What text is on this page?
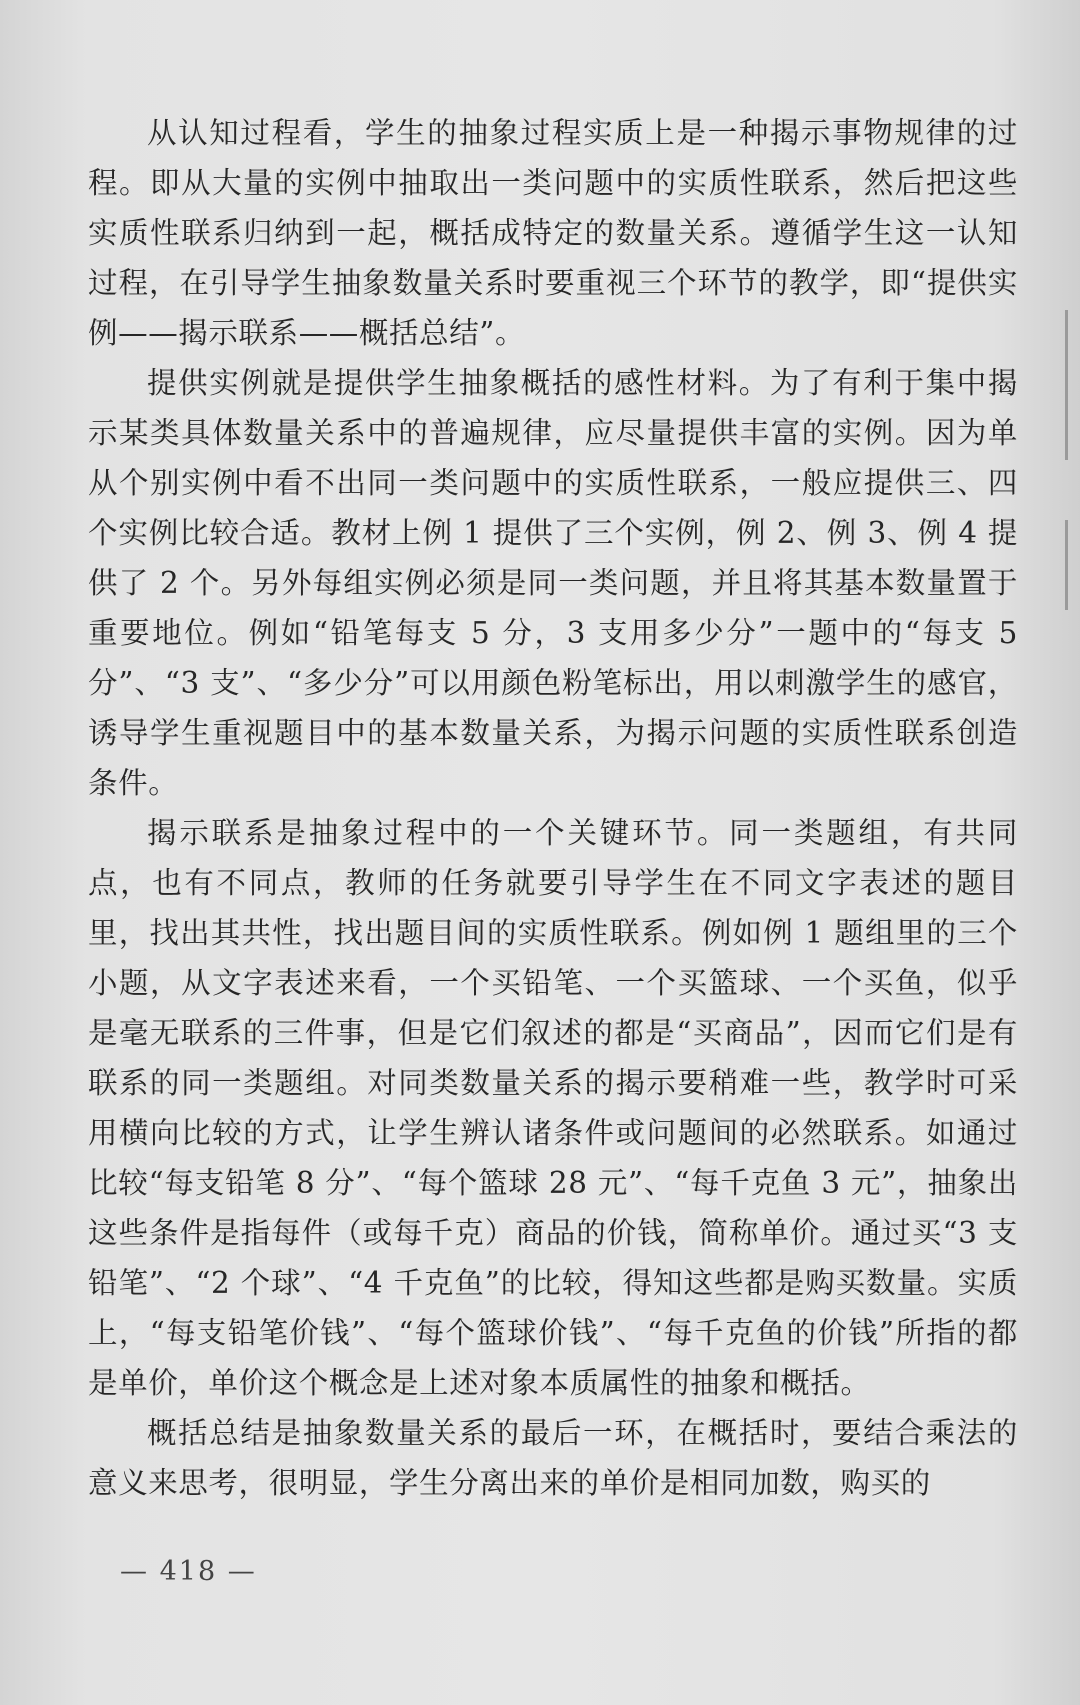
从认知过程看，学生的抽象过程实质上是一种揭示事物规律的过程。即从大量的实例中抽取出一类问题中的实质性联系，然后把这些实质性联系归纳到一起，概括成特定的数量关系。遵循学生这一认知过程，在引导学生抽象数量关系时要重视三个环节的教学，即“提供实例——揭示联系——概括总结”。

提供实例就是提供学生抽象概括的感性材料。为了有利于集中揭示某类具体数量关系中的普遍规律，应尽量提供丰富的实例。因为单从个别实例中看不出同一类问题中的实质性联系，一般应提供三、四个实例比较合适。教材上例 1 提供了三个实例，例 2、例 3、例 4 提供了 2 个。另外每组实例必须是同一类问题，并且将其基本数量置于重要地位。例如“铅笔每支 5 分，3 支用多少分”一题中的“每支 5 分”、“3 支”、“多少分”可以用颜色粉笔标出，用以刺激学生的感官，诱导学生重视题目中的基本数量关系，为揭示问题的实质性联系创造条件。

揭示联系是抽象过程中的一个关键环节。同一类题组，有共同点，也有不同点，教师的任务就要引导学生在不同文字表述的题目里，找出其共性，找出题目间的实质性联系。例如例 1 题组里的三个小题，从文字表述来看，一个买铅笔、一个买篮球、一个买鱼，似乎是毫无联系的三件事，但是它们叙述的都是“买商品”，因而它们是有联系的同一类题组。对同类数量关系的揭示要稍难一些，教学时可采用横向比较的方式，让学生辨认诸条件或问题间的必然联系。如通过比较“每支铅笔 8 分”、“每个篮球 28 元”、“每千克鱼 3 元”，抽象出这些条件是指每件（或每千克）商品的价钱，简称单价。通过买“3 支铅笔”、“2 个球”、“4 千克鱼”的比较，得知这些都是购买数量。实质上，“每支铅笔价钱”、“每个篮球价钱”、“每千克鱼的价钱”所指的都是单价，单价这个概念是上述对象本质属性的抽象和概括。

概括总结是抽象数量关系的最后一环，在概括时，要结合乘法的意义来思考，很明显，学生分离出来的单价是相同加数，购买的

— 418 —
